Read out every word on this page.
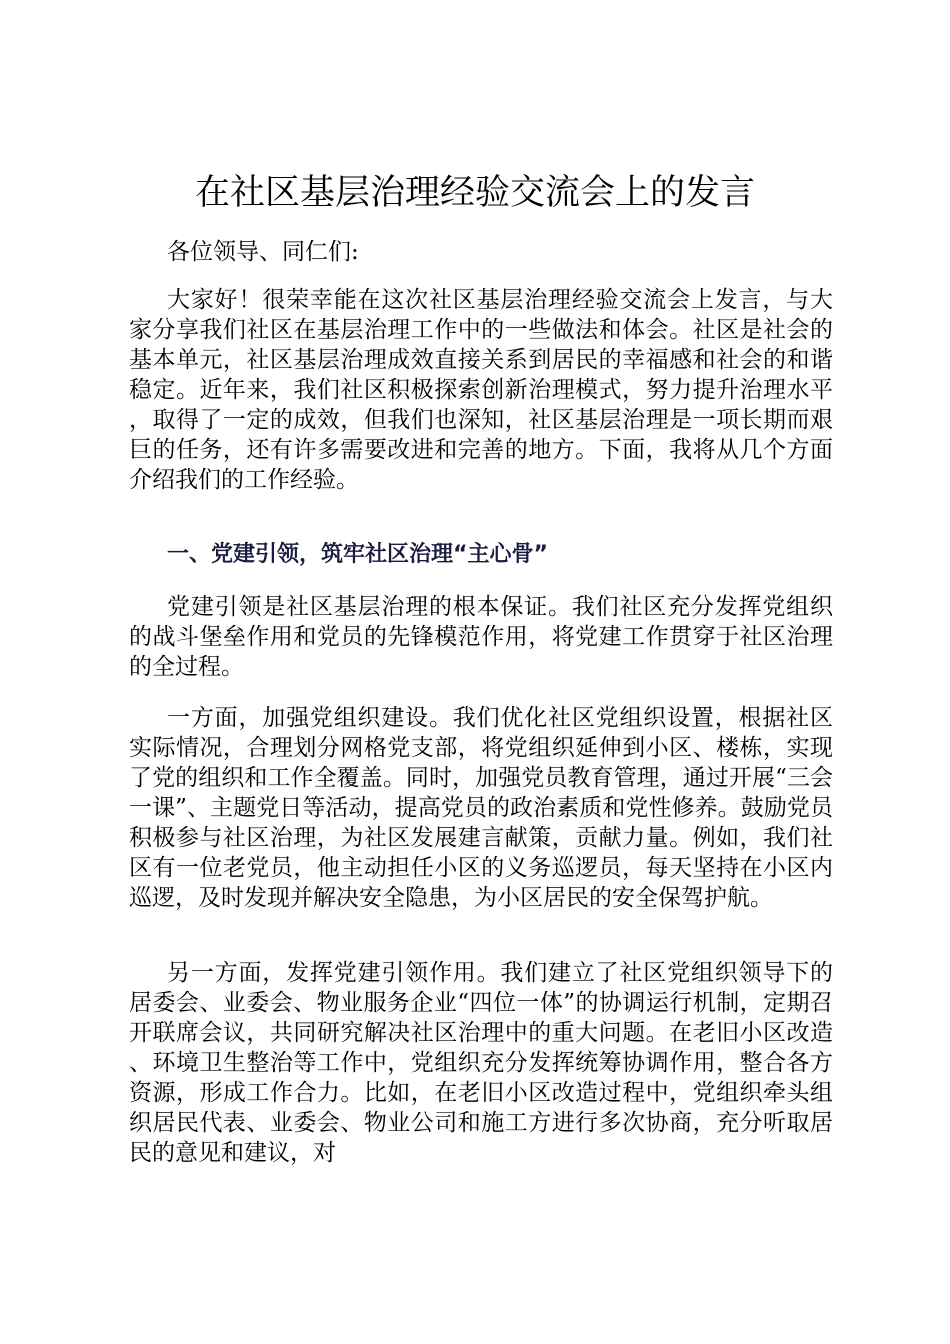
在社区基层治理经验交流会上的发言

各位领导、同仁们:

大家好！很荣幸能在这次社区基层治理经验交流会上发言，与大家分享我们社区在基层治理工作中的一些做法和体会。社区是社会的基本单元，社区基层治理成效直接关系到居民的幸福感和社会的和谐稳定。近年来，我们社区积极探索创新治理模式，努力提升治理水平，取得了一定的成效，但我们也深知，社区基层治理是一项长期而艰巨的任务，还有许多需要改进和完善的地方。下面，我将从几个方面介绍我们的工作经验。

一、党建引领，筑牢社区治理“主心骨”

党建引领是社区基层治理的根本保证。我们社区充分发挥党组织的战斗堡垒作用和党员的先锋模范作用，将党建工作贯穿于社区治理的全过程。

一方面，加强党组织建设。我们优化社区党组织设置，根据社区实际情况，合理划分网格党支部，将党组织延伸到小区、楼栋，实现了党的组织和工作全覆盖。同时，加强党员教育管理，通过开展“三会一课”、主题党日等活动，提高党员的政治素质和党性修养。鼓励党员积极参与社区治理，为社区发展建言献策，贡献力量。例如，我们社区有一位老党员，他主动担任小区的义务巡逻员，每天坚持在小区内巡逻，及时发现并解决安全隐患，为小区居民的安全保驾护航。

另一方面，发挥党建引领作用。我们建立了社区党组织领导下的居委会、业委会、物业服务企业“四位一体”的协调运行机制，定期召开联席会议，共同研究解决社区治理中的重大问题。在老旧小区改造、环境卫生整治等工作中，党组织充分发挥统筹协调作用，整合各方资源，形成工作合力。比如，在老旧小区改造过程中，党组织牵头组织居民代表、业委会、物业公司和施工方进行多次协商，充分听取居民的意见和建议，对
